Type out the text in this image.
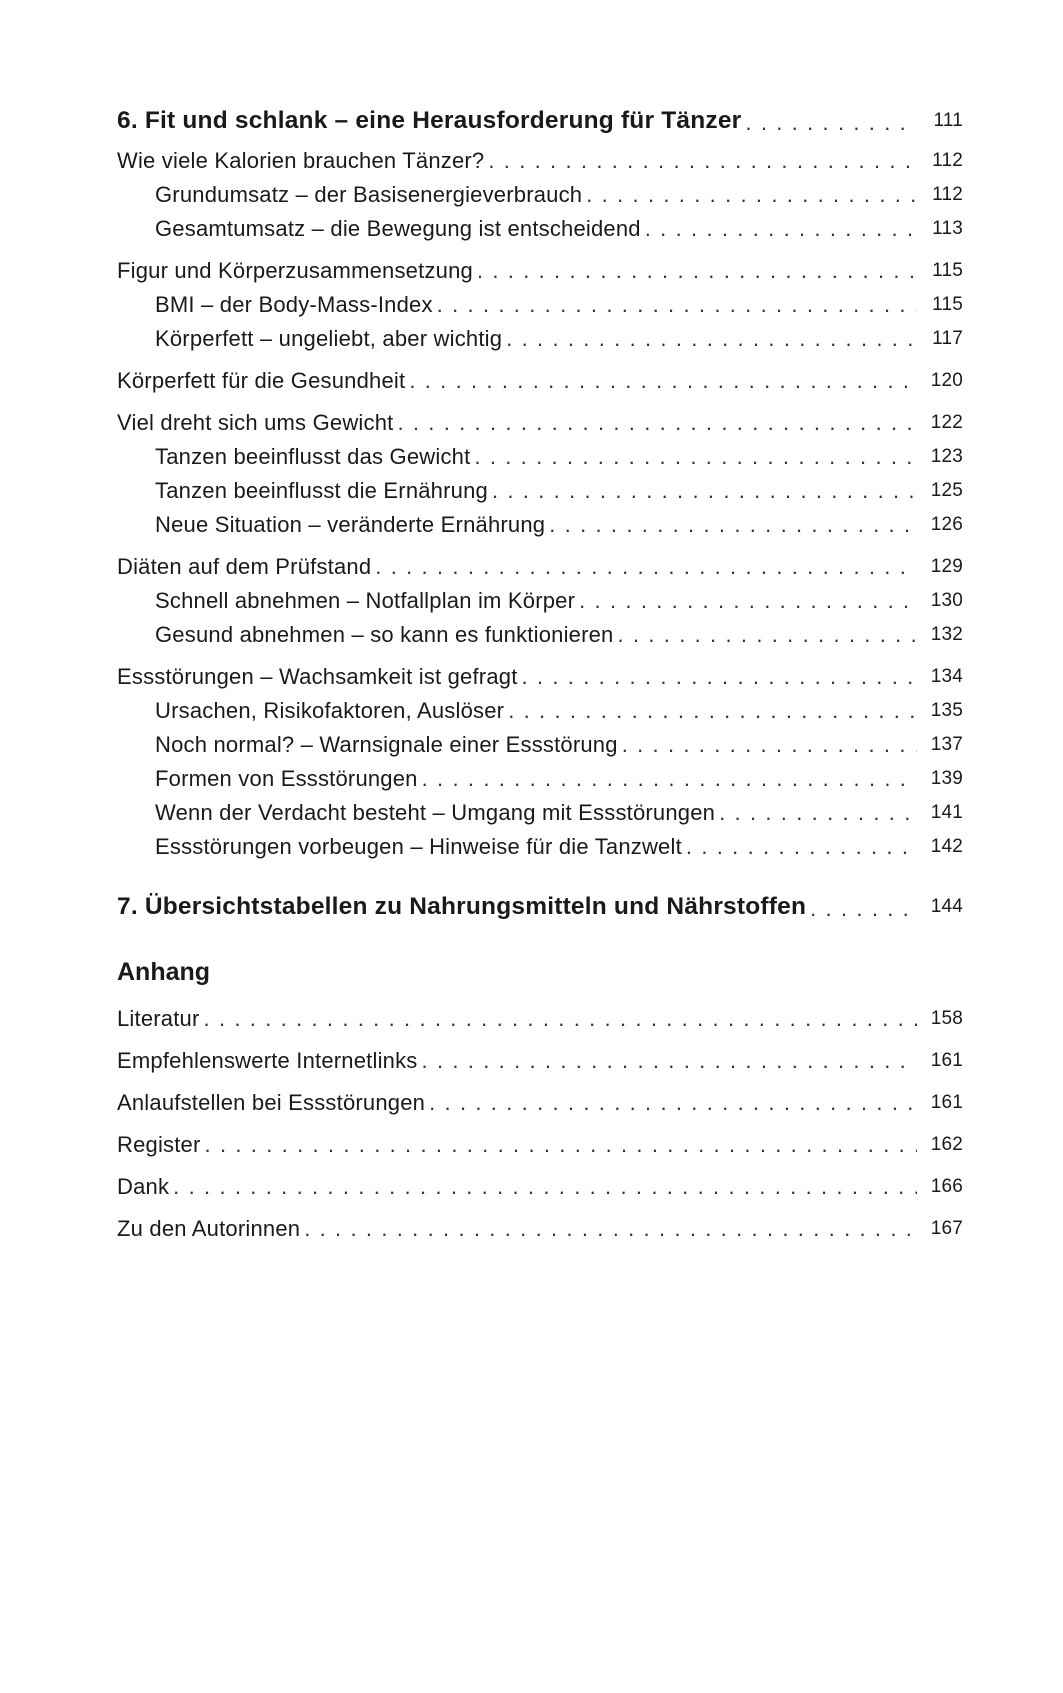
6. Fit und schlank – eine Herausforderung für Tänzer . . .	111
Wie viele Kalorien brauchen Tänzer? . . .	112
Grundumsatz – der Basisenergieverbrauch . . .	112
Gesamtumsatz – die Bewegung ist entscheidend . . .	113
Figur und Körperzusammensetzung . . .	115
BMI – der Body-Mass-Index . . .	115
Körperfett – ungeliebt, aber wichtig . . .	117
Körperfett für die Gesundheit . . .	120
Viel dreht sich ums Gewicht . . .	122
Tanzen beeinflusst das Gewicht . . .	123
Tanzen beeinflusst die Ernährung . . .	125
Neue Situation – veränderte Ernährung . . .	126
Diäten auf dem Prüfstand . . .	129
Schnell abnehmen – Notfallplan im Körper . . .	130
Gesund abnehmen – so kann es funktionieren . . .	132
Essstörungen – Wachsamkeit ist gefragt . . .	134
Ursachen, Risikofaktoren, Auslöser . . .	135
Noch normal? – Warnsignale einer Essstörung . . .	137
Formen von Essstörungen . . .	139
Wenn der Verdacht besteht – Umgang mit Essstörungen . . .	141
Essstörungen vorbeugen – Hinweise für die Tanzwelt . . .	142
7. Übersichtstabellen zu Nahrungsmitteln und Nährstoffen . . .	144
Anhang
Literatur . . .	158
Empfehlenswerte Internetlinks . . .	161
Anlaufstellen bei Essstörungen . . .	161
Register . . .	162
Dank . . .	166
Zu den Autorinnen . . .	167
